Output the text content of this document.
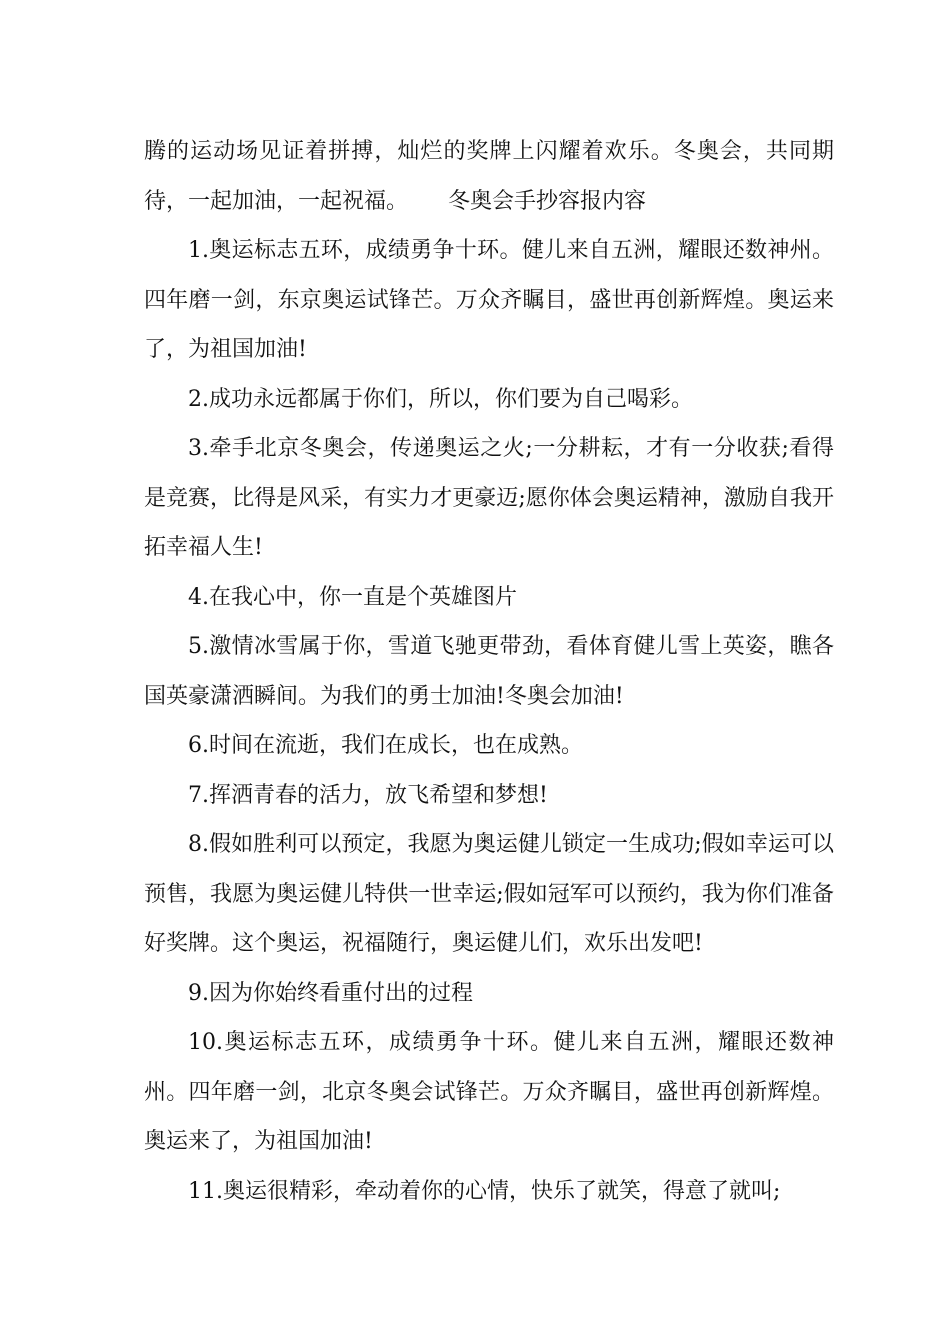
腾的运动场见证着拼搏，灿烂的奖牌上闪耀着欢乐。冬奥会，共同期待，一起加油，一起祝福。 冬奥会手抄容报内容

1.奥运标志五环，成绩勇争十环。健儿来自五洲，耀眼还数神州。四年磨一剑，东京奥运试锋芒。万众齐瞩目，盛世再创新辉煌。奥运来了，为祖国加油!

2.成功永远都属于你们，所以，你们要为自己喝彩。

3.牵手北京冬奥会，传递奥运之火;一分耕耘，才有一分收获;看得是竞赛，比得是风采，有实力才更豪迈;愿你体会奥运精神，激励自我开拓幸福人生!

4.在我心中，你一直是个英雄图片

5.激情冰雪属于你，雪道飞驰更带劲，看体育健儿雪上英姿，瞧各国英豪潇洒瞬间。为我们的勇士加油!冬奥会加油!

6.时间在流逝，我们在成长，也在成熟。

7.挥洒青春的活力，放飞希望和梦想!

8.假如胜利可以预定，我愿为奥运健儿锁定一生成功;假如幸运可以预售，我愿为奥运健儿特供一世幸运;假如冠军可以预约，我为你们准备好奖牌。这个奥运，祝福随行，奥运健儿们，欢乐出发吧!

9.因为你始终看重付出的过程

10.奥运标志五环，成绩勇争十环。健儿来自五洲，耀眼还数神州。四年磨一剑，北京冬奥会试锋芒。万众齐瞩目，盛世再创新辉煌。奥运来了，为祖国加油!

11.奥运很精彩，牵动着你的心情，快乐了就笑，得意了就叫;
